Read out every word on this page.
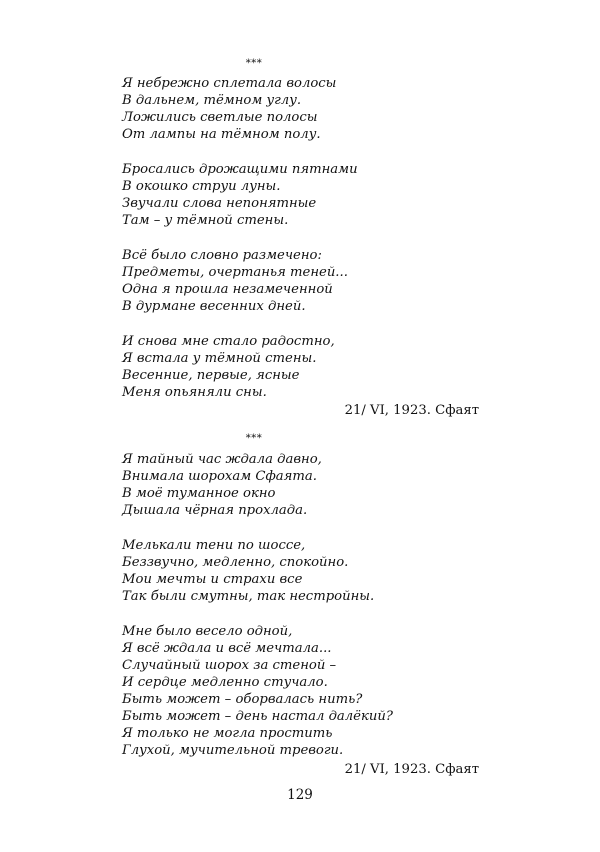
***
Я небрежно сплетала волосы
В дальнем, тёмном углу.
Ложились светлые полосы
От лампы на тёмном полу.
Бросались дрожащими пятнами
В окошко струи луны.
Звучали слова непонятные
Там – у тёмной стены.
Всё было словно размечено:
Предметы, очертанья теней...
Одна я прошла незамеченной
В дурмане весенних дней.
И снова мне стало радостно,
Я встала у тёмной стены.
Весенние, первые, ясные
Меня опьяняли сны.
21/ VI, 1923. Сфаят
***
Я тайный час ждала давно,
Внимала шорохам Сфаята.
В моё туманное окно
Дышала чёрная прохлада.
Мелькали тени по шоссе,
Беззвучно, медленно, спокойно.
Мои мечты и страхи все
Так были смутны, так нестройны.
Мне было весело одной,
Я всё ждала и всё мечтала...
Случайный шорох за стеной –
И сердце медленно стучало.
Быть может – оборвалась нить?
Быть может – день настал далёкий?
Я только не могла простить
Глухой, мучительной тревоги.
21/ VI, 1923. Сфаят
129
